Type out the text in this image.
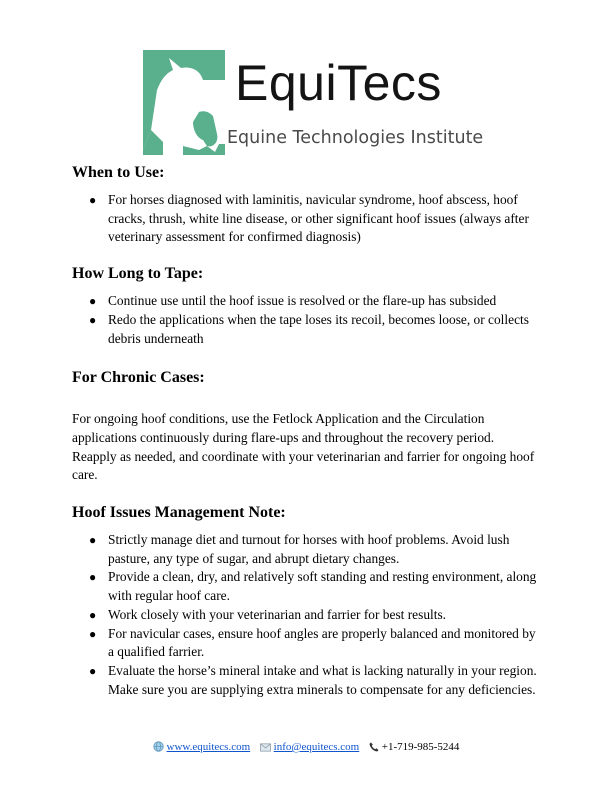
EquiTecs
Equine Technologies Institute
When to Use:
● For horses diagnosed with laminitis, navicular syndrome, hoof abscess, hoof cracks, thrush, white line disease, or other significant hoof issues (always after veterinary assessment for confirmed diagnosis)
How Long to Tape:
● Continue use until the hoof issue is resolved or the flare-up has subsided
● Redo the applications when the tape loses its recoil, becomes loose, or collects debris underneath
For Chronic Cases:

For ongoing hoof conditions, use the Fetlock Application and the Circulation applications continuously during flare-ups and throughout the recovery period. Reapply as needed, and coordinate with your veterinarian and farrier for ongoing hoof care.

Hoof Issues Management Note:
● Strictly manage diet and turnout for horses with hoof problems. Avoid lush pasture, any type of sugar, and abrupt dietary changes.
● Provide a clean, dry, and relatively soft standing and resting environment, along with regular hoof care.
● Work closely with your veterinarian and farrier for best results.
● For navicular cases, ensure hoof angles are properly balanced and monitored by a qualified farrier.
● Evaluate the horse’s mineral intake and what is lacking naturally in your region. Make sure you are supplying extra minerals to compensate for any deficiencies.
www.equitecs.com info@equitecs.com +1-719-985-5244
